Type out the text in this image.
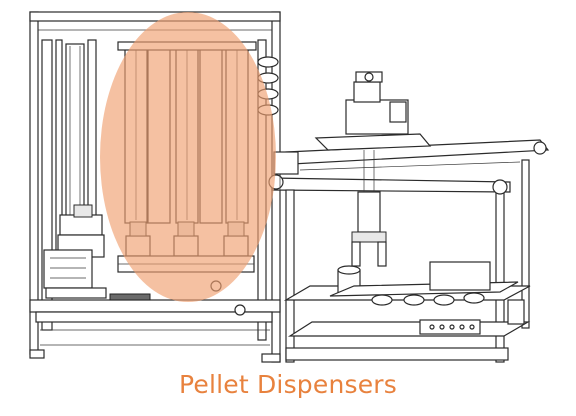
Pellet Dispensers
